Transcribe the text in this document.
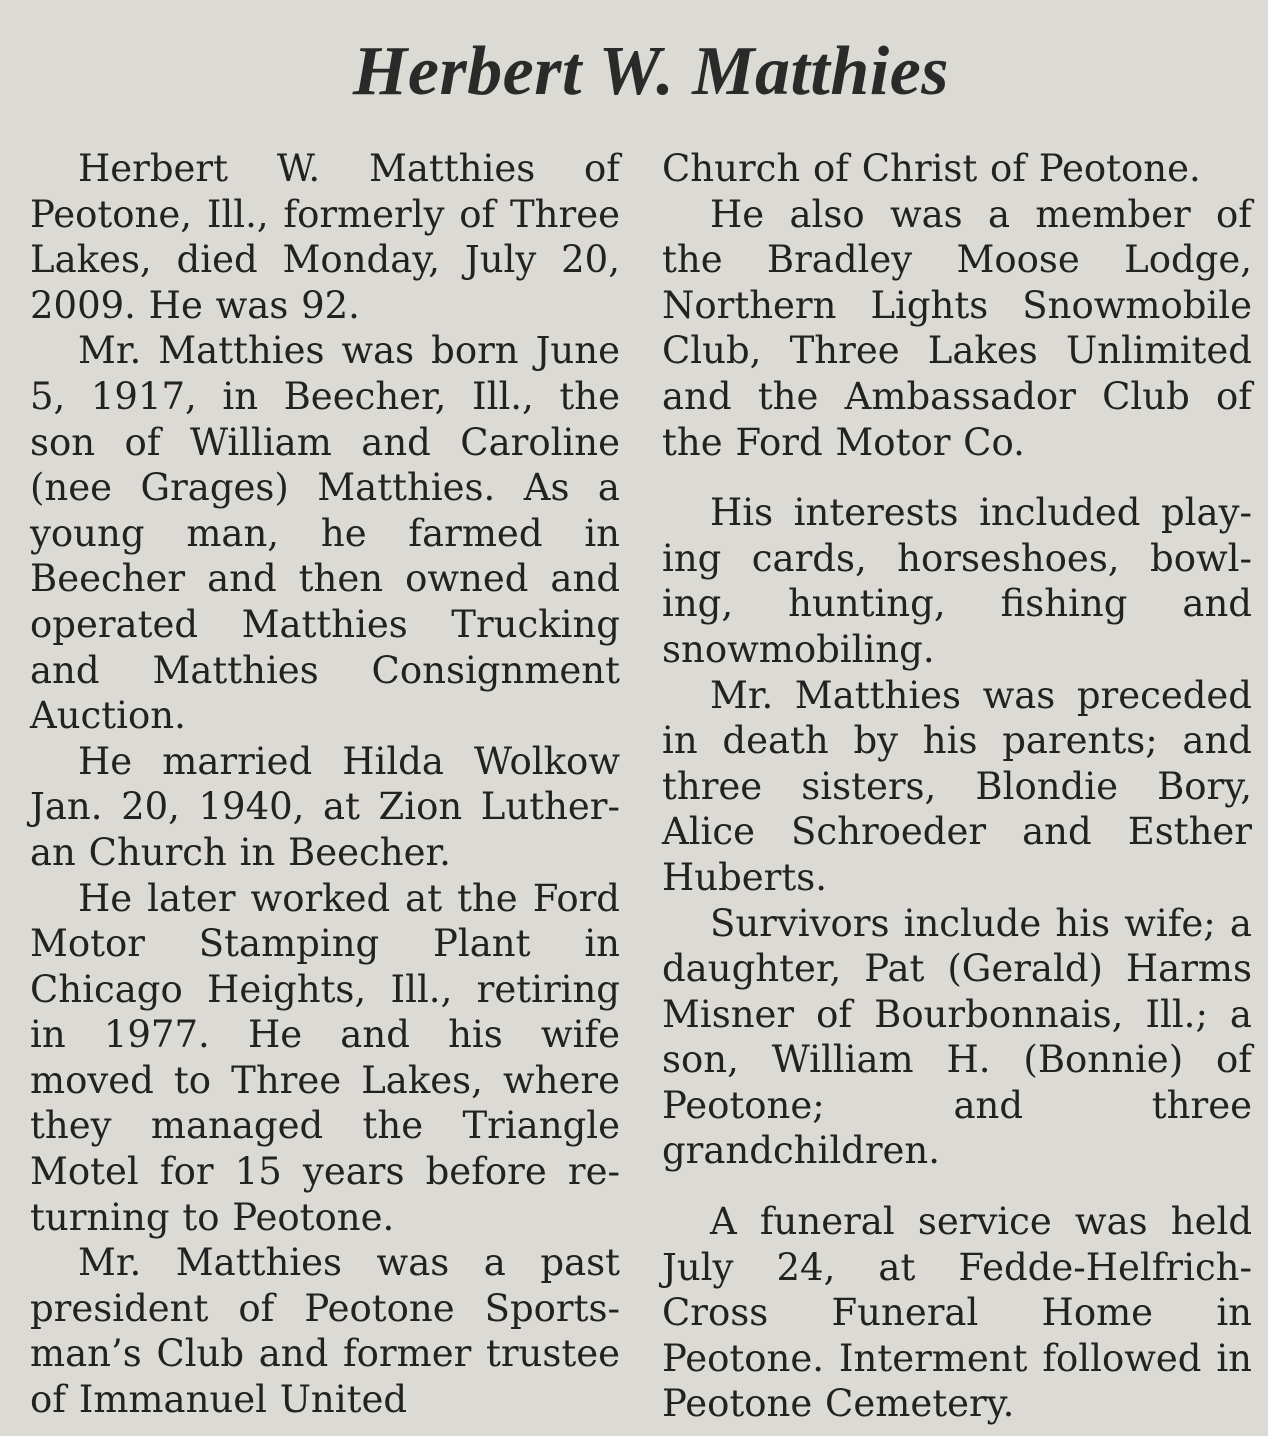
Herbert W. Matthies

Herbert W. Matthies of Peotone, Ill., formerly of Three Lakes, died Monday, July 20, 2009. He was 92.

Mr. Matthies was born June 5, 1917, in Beecher, Ill., the son of William and Caroline (nee Grages) Matthies. As a young man, he farmed in Beecher and then owned and operated Matthies Trucking and Matthies Consignment Auction.

He married Hilda Wolkow Jan. 20, 1940, at Zion Lutheran Church in Beecher.

He later worked at the Ford Motor Stamping Plant in Chicago Heights, Ill., retiring in 1977. He and his wife moved to Three Lakes, where they managed the Triangle Motel for 15 years before returning to Peotone.

Mr. Matthies was a past president of Peotone Sportsman’s Club and former trustee of Immanuel United

Church of Christ of Peotone.

He also was a member of the Bradley Moose Lodge, Northern Lights Snowmobile Club, Three Lakes Unlimited and the Ambassador Club of the Ford Motor Co.

His interests included playing cards, horseshoes, bowling, hunting, fishing and snowmobiling.

Mr. Matthies was preceded in death by his parents; and three sisters, Blondie Bory, Alice Schroeder and Esther Huberts.

Survivors include his wife; a daughter, Pat (Gerald) Harms Misner of Bourbonnais, Ill.; a son, William H. (Bonnie) of Peotone; and three grandchildren.

A funeral service was held July 24, at Fedde-Helfrich-Cross Funeral Home in Peotone. Interment followed in Peotone Cemetery.
